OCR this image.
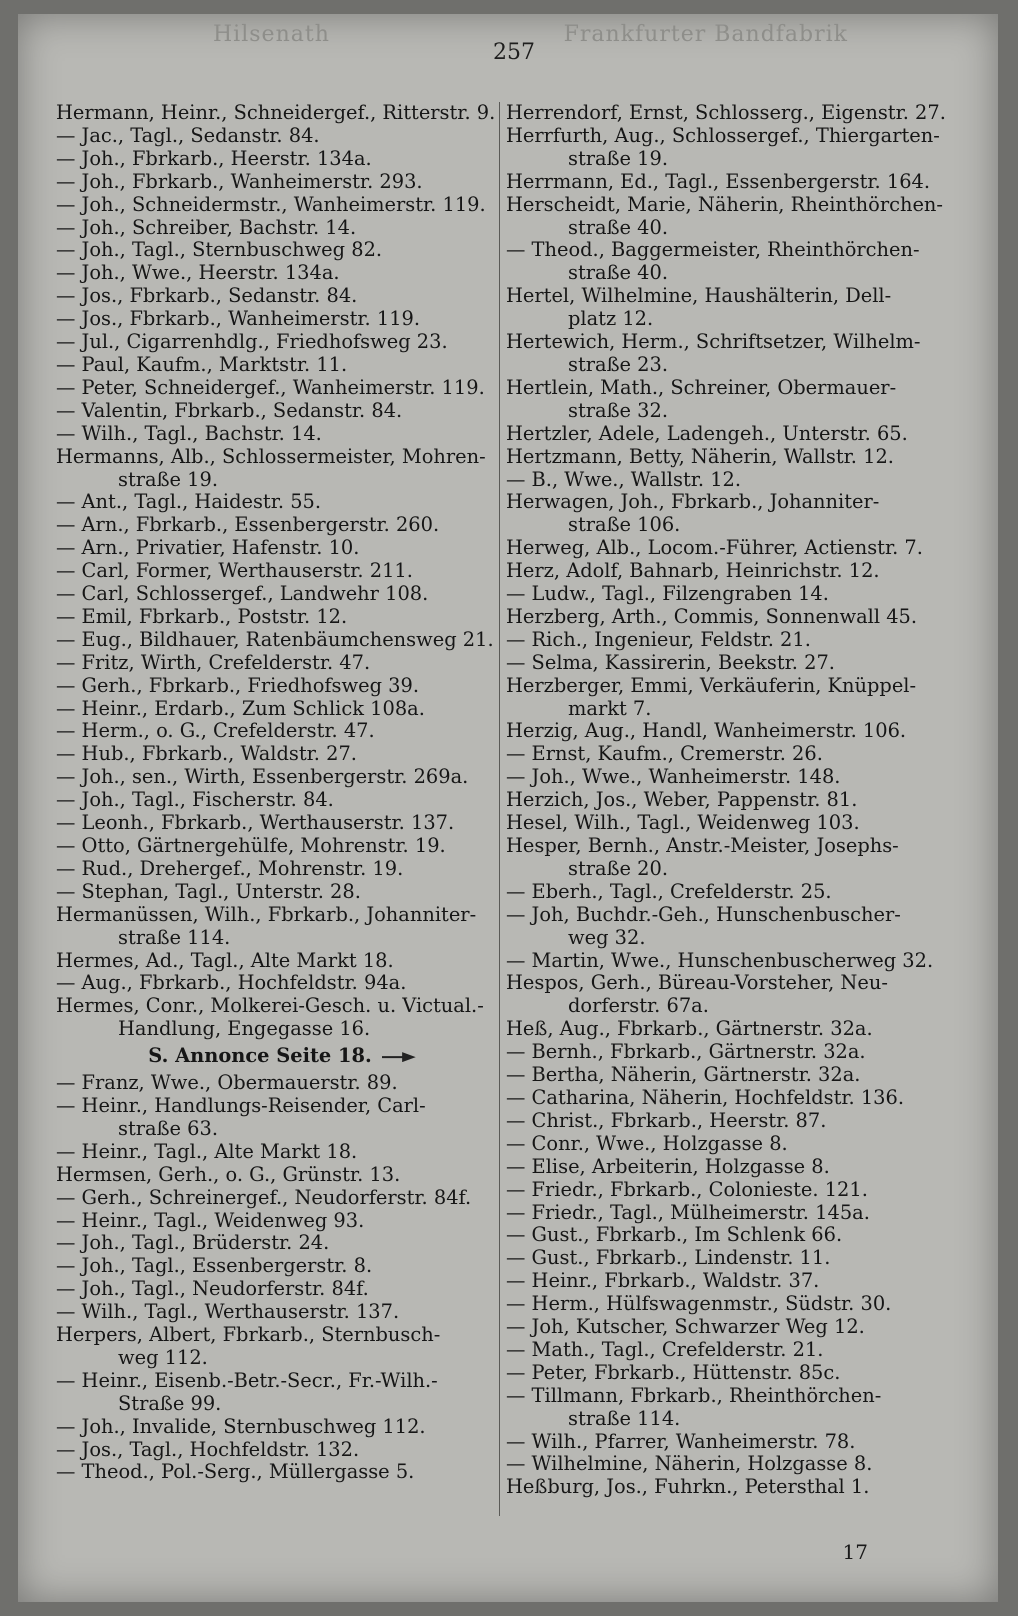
Hilsenath
257
Frankfurter Bandfabrik
Hermann, Heinr., Schneidergef., Ritterstr. 9.
— Jac., Tagl., Sedanstr. 84.
— Joh., Fbrkarb., Heerstr. 134a.
— Joh., Fbrkarb., Wanheimerstr. 293.
— Joh., Schneidermstr., Wanheimerstr. 119.
— Joh., Schreiber, Bachstr. 14.
— Joh., Tagl., Sternbuschweg 82.
— Joh., Wwe., Heerstr. 134a.
— Jos., Fbrkarb., Sedanstr. 84.
— Jos., Fbrkarb., Wanheimerstr. 119.
— Jul., Cigarrenhdlg., Friedhofsweg 23.
— Paul, Kaufm., Marktstr. 11.
— Peter, Schneidergef., Wanheimerstr. 119.
— Valentin, Fbrkarb., Sedanstr. 84.
— Wilh., Tagl., Bachstr. 14.
Hermanns, Alb., Schlossermeister, Mohren-
straße 19.
— Ant., Tagl., Haidestr. 55.
— Arn., Fbrkarb., Essenbergerstr. 260.
— Arn., Privatier, Hafenstr. 10.
— Carl, Former, Werthauserstr. 211.
— Carl, Schlossergef., Landwehr 108.
— Emil, Fbrkarb., Poststr. 12.
— Eug., Bildhauer, Ratenbäumchensweg 21.
— Fritz, Wirth, Crefelderstr. 47.
— Gerh., Fbrkarb., Friedhofsweg 39.
— Heinr., Erdarb., Zum Schlick 108a.
— Herm., o. G., Crefelderstr. 47.
— Hub., Fbrkarb., Waldstr. 27.
— Joh., sen., Wirth, Essenbergerstr. 269a.
— Joh., Tagl., Fischerstr. 84.
— Leonh., Fbrkarb., Werthauserstr. 137.
— Otto, Gärtnergehülfe, Mohrenstr. 19.
— Rud., Drehergef., Mohrenstr. 19.
— Stephan, Tagl., Unterstr. 28.
Hermanüssen, Wilh., Fbrkarb., Johanniter-
straße 114.
Hermes, Ad., Tagl., Alte Markt 18.
— Aug., Fbrkarb., Hochfeldstr. 94a.
Hermes, Conr., Molkerei-Gesch. u. Victual.-
Handlung, Engegasse 16.
S. Annonce Seite 18.
— Franz, Wwe., Obermauerstr. 89.
— Heinr., Handlungs-Reisender, Carl-
straße 63.
— Heinr., Tagl., Alte Markt 18.
Hermsen, Gerh., o. G., Grünstr. 13.
— Gerh., Schreinergef., Neudorferstr. 84f.
— Heinr., Tagl., Weidenweg 93.
— Joh., Tagl., Brüderstr. 24.
— Joh., Tagl., Essenbergerstr. 8.
— Joh., Tagl., Neudorferstr. 84f.
— Wilh., Tagl., Werthauserstr. 137.
Herpers, Albert, Fbrkarb., Sternbusch-
weg 112.
— Heinr., Eisenb.-Betr.-Secr., Fr.-Wilh.-
Straße 99.
— Joh., Invalide, Sternbuschweg 112.
— Jos., Tagl., Hochfeldstr. 132.
— Theod., Pol.-Serg., Müllergasse 5.
Herrendorf, Ernst, Schlosserg., Eigenstr. 27.
Herrfurth, Aug., Schlossergef., Thiergarten-
straße 19.
Herrmann, Ed., Tagl., Essenbergerstr. 164.
Herscheidt, Marie, Näherin, Rheinthörchen-
straße 40.
— Theod., Baggermeister, Rheinthörchen-
straße 40.
Hertel, Wilhelmine, Haushälterin, Dell-
platz 12.
Hertewich, Herm., Schriftsetzer, Wilhelm-
straße 23.
Hertlein, Math., Schreiner, Obermauer-
straße 32.
Hertzler, Adele, Ladengeh., Unterstr. 65.
Hertzmann, Betty, Näherin, Wallstr. 12.
— B., Wwe., Wallstr. 12.
Herwagen, Joh., Fbrkarb., Johanniter-
straße 106.
Herweg, Alb., Locom.-Führer, Actienstr. 7.
Herz, Adolf, Bahnarb, Heinrichstr. 12.
— Ludw., Tagl., Filzengraben 14.
Herzberg, Arth., Commis, Sonnenwall 45.
— Rich., Ingenieur, Feldstr. 21.
— Selma, Kassirerin, Beekstr. 27.
Herzberger, Emmi, Verkäuferin, Knüppel-
markt 7.
Herzig, Aug., Handl, Wanheimerstr. 106.
— Ernst, Kaufm., Cremerstr. 26.
— Joh., Wwe., Wanheimerstr. 148.
Herzich, Jos., Weber, Pappenstr. 81.
Hesel, Wilh., Tagl., Weidenweg 103.
Hesper, Bernh., Anstr.-Meister, Josephs-
straße 20.
— Eberh., Tagl., Crefelderstr. 25.
— Joh, Buchdr.-Geh., Hunschenbuscher-
weg 32.
— Martin, Wwe., Hunschenbuscherweg 32.
Hespos, Gerh., Büreau-Vorsteher, Neu-
dorferstr. 67a.
Heß, Aug., Fbrkarb., Gärtnerstr. 32a.
— Bernh., Fbrkarb., Gärtnerstr. 32a.
— Bertha, Näherin, Gärtnerstr. 32a.
— Catharina, Näherin, Hochfeldstr. 136.
— Christ., Fbrkarb., Heerstr. 87.
— Conr., Wwe., Holzgasse 8.
— Elise, Arbeiterin, Holzgasse 8.
— Friedr., Fbrkarb., Colonieste. 121.
— Friedr., Tagl., Mülheimerstr. 145a.
— Gust., Fbrkarb., Im Schlenk 66.
— Gust., Fbrkarb., Lindenstr. 11.
— Heinr., Fbrkarb., Waldstr. 37.
— Herm., Hülfswagenmstr., Südstr. 30.
— Joh, Kutscher, Schwarzer Weg 12.
— Math., Tagl., Crefelderstr. 21.
— Peter, Fbrkarb., Hüttenstr. 85c.
— Tillmann, Fbrkarb., Rheinthörchen-
straße 114.
— Wilh., Pfarrer, Wanheimerstr. 78.
— Wilhelmine, Näherin, Holzgasse 8.
Heßburg, Jos., Fuhrkn., Petersthal 1.
17
